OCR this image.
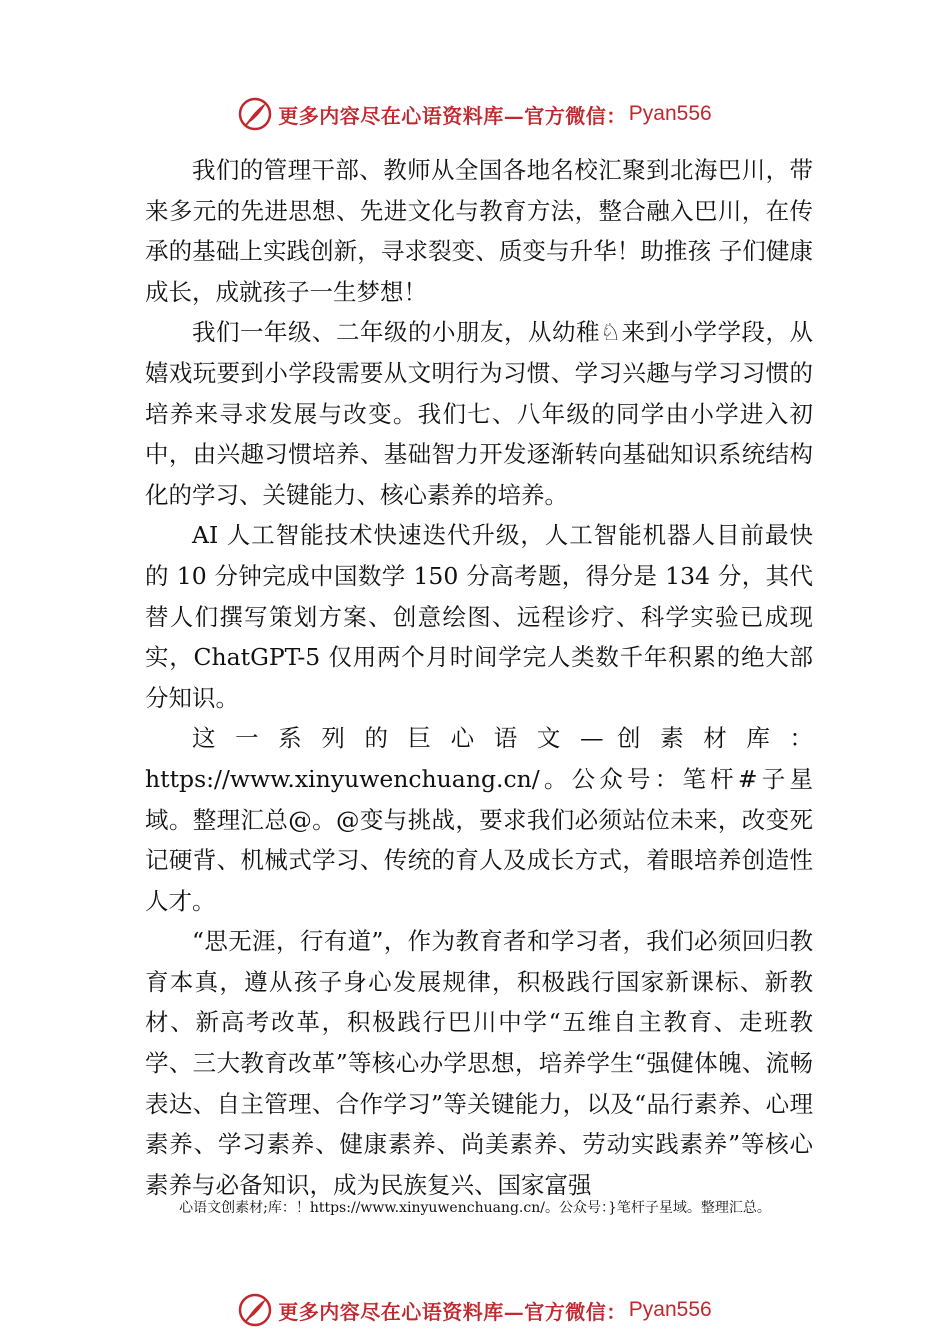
更多内容尽在心语资料库—官方微信： Pyan556

我们的管理干部、教师从全国各地名校汇聚到北海巴川，带来多元的先进思想、先进文化与教育方法，整合融入巴川，在传承的基础上实践创新，寻求裂变、质变与升华！助推孩 子们健康成长，成就孩子一生梦想！

我们一年级、二年级的小朋友，从幼稚♘来到小学学段，从嬉戏玩要到小学段需要从文明行为习惯、学习兴趣与学习习惯的培养来寻求发展与改变。我们七、八年级的同学由小学进入初中，由兴趣习惯培养、基础智力开发逐渐转向基础知识系统结构化的学习、关键能力、核心素养的培养。

AI 人工智能技术快速迭代升级，人工智能机器人目前最快的 10 分钟完成中国数学 150 分高考题，得分是 134 分，其代替人们撰写策划方案、创意绘图、远程诊疗、科学实验已成现实，ChatGPT-5 仅用两个月时间学完人类数千年积累的绝大部分知识。

这 一 系 列 的 巨 心 语 文 — 创 素 材 库 ： https://www.xinyuwenchuang.cn/。公众号：笔杆#子星域。整理汇总@。@变与挑战，要求我们必须站位未来，改变死记硬背、机械式学习、传统的育人及成长方式，着眼培养创造性人才。

“思无涯，行有道”，作为教育者和学习者，我们必须回归教育本真，遵从孩子身心发展规律，积极践行国家新课标、新教材、新高考改革，积极践行巴川中学“五维自主教育、走班教学、三大教育改革”等核心办学思想，培养学生“强健体魄、流畅表达、自主管理、合作学习”等关键能力，以及“品行素养、心理素养、学习素养、健康素养、尚美素养、劳动实践素养”等核心素养与必备知识，成为民族复兴、国家富强

心语文创素材;库：！https://www.xinyuwenchuang.cn/。公众号：}笔杆子星域。整理汇总。
更多内容尽在心语资料库—官方微信： Pyan556
